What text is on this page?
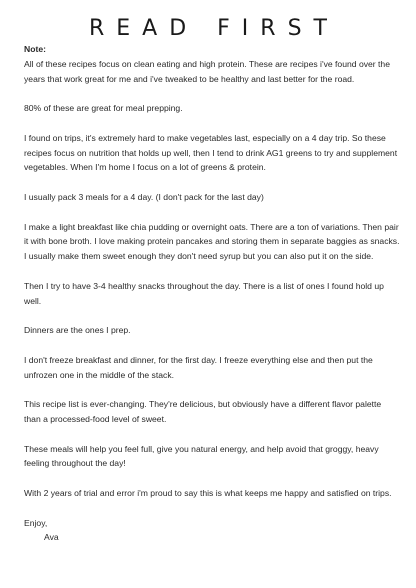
READ FIRST
Note:
All of these recipes focus on clean eating and high protein. These are recipes i've found over the years that work great for me and i've tweaked to be healthy and last better for the road.

80% of these are great for meal prepping.

I found on trips, it's extremely hard to make vegetables last, especially on a 4 day trip. So these recipes focus on nutrition that holds up well, then I tend to drink AG1 greens to try and supplement vegetables. When I'm home I focus on a lot of greens & protein.

I usually pack 3 meals for a 4 day. (I don't pack for the last day)

I make a light breakfast like chia pudding or overnight oats. There are a ton of variations. Then pair it with bone broth. I love making protein pancakes and storing them in separate baggies as snacks. I usually make them sweet enough they don't need syrup but you can also put it on the side.

Then I try to have 3-4 healthy snacks throughout the day. There is a list of ones I found hold up well.

Dinners are the ones I prep.

I don't freeze breakfast and dinner, for the first day. I freeze everything else and then put the unfrozen one in the middle of the stack.

This recipe list is ever-changing. They're delicious, but obviously have a different flavor palette than a processed-food level of sweet.

These meals will help you feel full, give you natural energy, and help avoid that groggy, heavy feeling throughout the day!

With 2 years of trial and error i'm proud to say this is what keeps me happy and satisfied on trips.

Enjoy,

Ava
